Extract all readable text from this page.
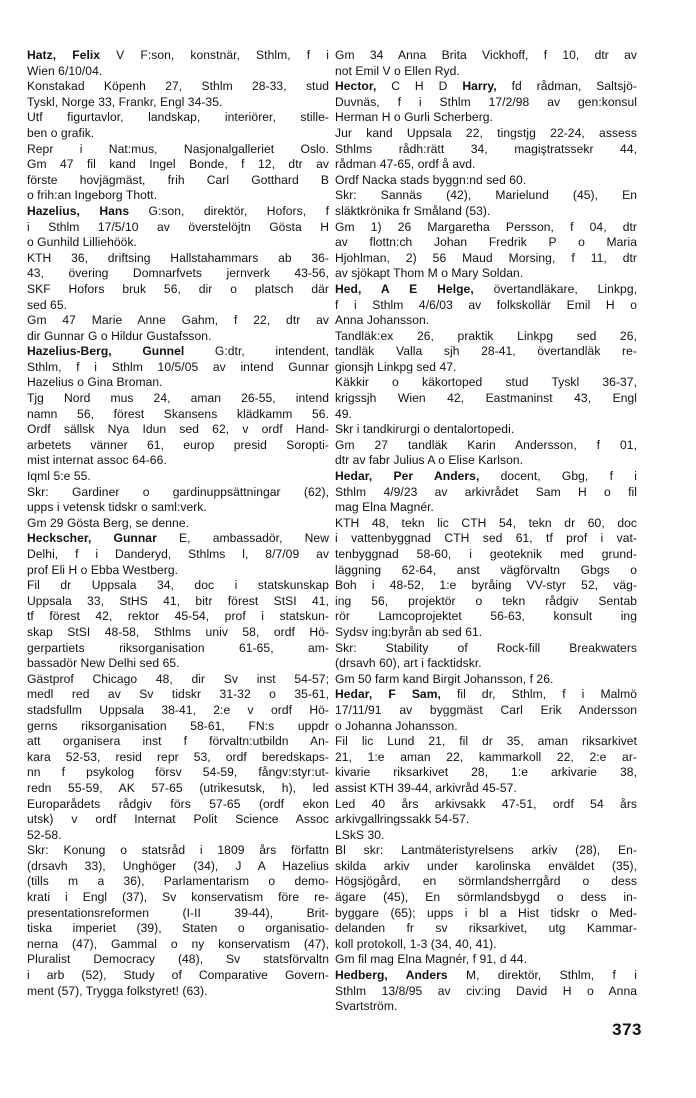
Hatz, Felix V F:son, konstnär, Sthlm, f i
Wien 6/10/04.
Konstakad Köpenh 27, Sthlm 28-33, stud
Tyskl, Norge 33, Frankr, Engl 34-35.
Utf figurtavlor, landskap, interiörer, stille-
ben o grafik.
Repr i Nat:mus, Nasjonalgalleriet Oslo.
Gm 47 fil kand Ingel Bonde, f 12, dtr av
förste hovjägmäst, frih Carl Gotthard B
o frih:an Ingeborg Thott.
Hazelius, Hans G:son, direktör, Hofors, f
i Sthlm 17/5/10 av överstelöjtn Gösta H
o Gunhild Lilliehöök.
KTH 36, driftsing Hallstahammars ab 36-
43, övering Domnarfvets jernverk 43-56,
SKF Hofors bruk 56, dir o platsch där
sed 65.
Gm 47 Marie Anne Gahm, f 22, dtr av
dir Gunnar G o Hildur Gustafsson.
Hazelius-Berg, Gunnel G:dtr, intendent,
Sthlm, f i Sthlm 10/5/05 av intend Gunnar
Hazelius o Gina Broman.
Tjg Nord mus 24, aman 26-55, intend
namn 56, förest Skansens klädkamm 56.
Ordf sällsk Nya Idun sed 62, v ordf Hand-
arbetets vänner 61, europ presid Soropti-
mist internat assoc 64-66.
Iqml 5:e 55.
Skr: Gardiner o gardinuppsättningar (62),
upps i vetensk tidskr o saml:verk.
Gm 29 Gösta Berg, se denne.
Heckscher, Gunnar E, ambassadör, New
Delhi, f i Danderyd, Sthlms l, 8/7/09 av
prof Eli H o Ebba Westberg.
Fil dr Uppsala 34, doc i statskunskap
Uppsala 33, StHS 41, bitr förest StSI 41,
tf förest 42, rektor 45-54, prof i statskun-
skap StSI 48-58, Sthlms univ 58, ordf Hö-
gerpartiets riksorganisation 61-65, am-
bassadör New Delhi sed 65.
Gästprof Chicago 48, dir Sv inst 54-57;
medl red av Sv tidskr 31-32 o 35-61,
stadsfullm Uppsala 38-41, 2:e v ordf Hö-
gerns riksorganisation 58-61, FN:s uppdr
att organisera inst f förvaltn:utbildn An-
kara 52-53, resid repr 53, ordf beredskaps-
nn f psykolog försv 54-59, fångv:styr:ut-
redn 55-59, AK 57-65 (utrikesutsk, h), led
Europarådets rådgiv förs 57-65 (ordf ekon
utsk) v ordf Internat Polit Science Assoc
52-58.
Skr: Konung o statsråd i 1809 års författn
(drsavh 33), Unghöger (34), J A Hazelius
(tills m a 36), Parlamentarism o demo-
krati i Engl (37), Sv konservatism före re-
presentationsreformen (I-II 39-44), Brit-
tiska imperiet (39), Staten o organisatio-
nerna (47), Gammal o ny konservatism (47),
Pluralist Democracy (48), Sv statsförvaltn
i arb (52), Study of Comparative Govern-
ment (57), Trygga folkstyret! (63).
Gm 34 Anna Brita Vickhoff, f 10, dtr av
not Emil V o Ellen Ryd.
Hector, C H D Harry, fd rådman, Saltsjö-
Duvnäs, f i Sthlm 17/2/98 av gen:konsul
Herman H o Gurli Scherberg.
Jur kand Uppsala 22, tingstjg 22-24, assess
Sthlms rådh:rätt 34, magiştratssekr 44,
rådman 47-65, ordf å avd.
Ordf Nacka stads byggn:nd sed 60.
Skr: Sannäs (42), Marielund (45), En
släktkrönika fr Småland (53).
Gm 1) 26 Margaretha Persson, f 04, dtr
av flottn:ch Johan Fredrik P o Maria
Hjohlman, 2) 56 Maud Morsing, f 11, dtr
av sjökapt Thom M o Mary Soldan.
Hed, A E Helge, övertandläkare, Linkpg,
f i Sthlm 4/6/03 av folkskollär Emil H o
Anna Johansson.
Tandläk:ex 26, praktik Linkpg sed 26,
tandläk Valla sjh 28-41, övertandläk re-
gionsjh Linkpg sed 47.
Käkkir o käkortoped stud Tyskl 36-37,
krigssjh Wien 42, Eastmaninst 43, Engl
49.
Skr i tandkirurgi o dentalortopedi.
Gm 27 tandläk Karin Andersson, f 01,
dtr av fabr Julius A o Elise Karlson.
Hedar, Per Anders, docent, Gbg, f i
Sthlm 4/9/23 av arkivrådet Sam H o fil
mag Elna Magnér.
KTH 48, tekn lic CTH 54, tekn dr 60, doc
i vattenbyggnad CTH sed 61, tf prof i vat-
tenbyggnad 58-60, i geoteknik med grund-
läggning 62-64, anst vägförvaltn Gbgs o
Boh i 48-52, 1:e byråing VV-styr 52, väg-
ing 56, projektör o tekn rådgiv Sentab
rör Lamcoprojektet 56-63, konsult ing
Sydsv ing:byrån ab sed 61.
Skr: Stability of Rock-fill Breakwaters
(drsavh 60), art i facktidskr.
Gm 50 farm kand Birgit Johansson, f 26.
Hedar, F Sam, fil dr, Sthlm, f i Malmö
17/11/91 av byggmäst Carl Erik Andersson
o Johanna Johansson.
Fil lic Lund 21, fil dr 35, aman riksarkivet
21, 1:e aman 22, kammarkoll 22, 2:e ar-
kivarie riksarkivet 28, 1:e arkivarie 38,
assist KTH 39-44, arkivråd 45-57.
Led 40 års arkivsakk 47-51, ordf 54 års
arkivgallringssakk 54-57.
LSkS 30.
Bl skr: Lantmäteristyrelsens arkiv (28), En-
skilda arkiv under karolinska enväldet (35),
Högsjögård, en sörmlandsherrgård o dess
ägare (45), En sörmlandsbygd o dess in-
byggare (65); upps i bl a Hist tidskr o Med-
delanden fr sv riksarkivet, utg Kammar-
koll protokoll, 1-3 (34, 40, 41).
Gm fil mag Elna Magnér, f 91, d 44.
Hedberg, Anders M, direktör, Sthlm, f i
Sthlm 13/8/95 av civ:ing David H o Anna
Svartström.
373
